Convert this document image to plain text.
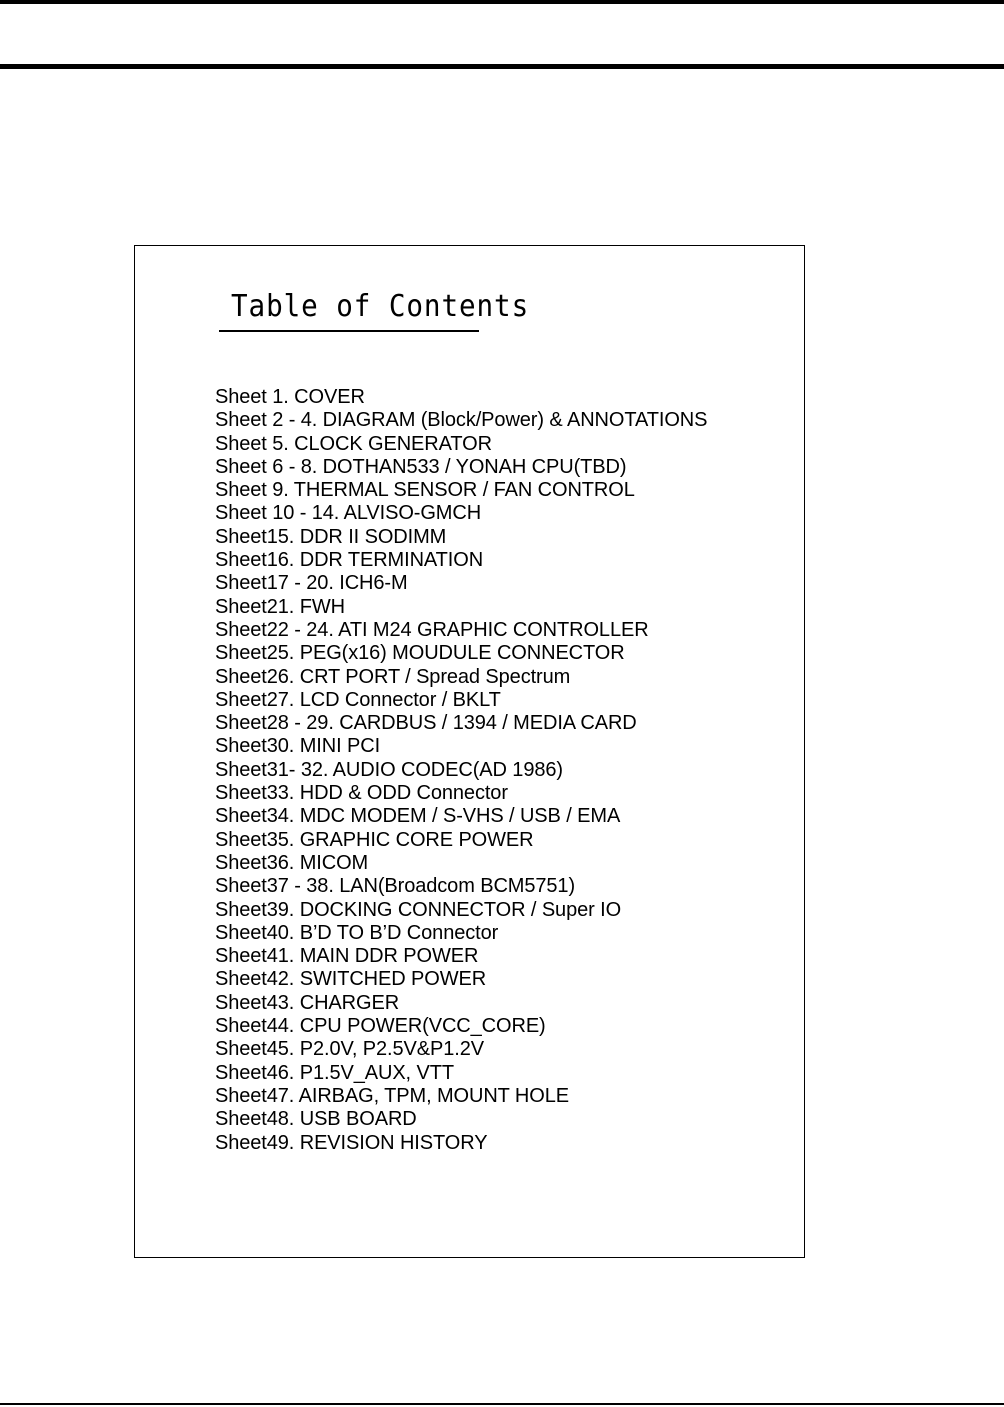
Table of Contents
Sheet 1. COVER
Sheet 2 - 4. DIAGRAM (Block/Power) & ANNOTATIONS
Sheet 5. CLOCK GENERATOR
Sheet 6 - 8. DOTHAN533 / YONAH CPU(TBD)
Sheet 9. THERMAL SENSOR / FAN CONTROL
Sheet 10 - 14. ALVISO-GMCH
Sheet15. DDR II SODIMM
Sheet16. DDR TERMINATION
Sheet17 - 20. ICH6-M
Sheet21. FWH
Sheet22 - 24. ATI M24 GRAPHIC CONTROLLER
Sheet25. PEG(x16) MOUDULE CONNECTOR
Sheet26. CRT PORT / Spread Spectrum
Sheet27. LCD Connector / BKLT
Sheet28 - 29. CARDBUS / 1394 / MEDIA CARD
Sheet30. MINI PCI
Sheet31- 32. AUDIO CODEC(AD 1986)
Sheet33. HDD & ODD Connector
Sheet34. MDC MODEM / S-VHS / USB / EMA
Sheet35. GRAPHIC CORE POWER
Sheet36. MICOM
Sheet37 - 38. LAN(Broadcom BCM5751)
Sheet39. DOCKING CONNECTOR / Super IO
Sheet40. B’D TO B’D Connector
Sheet41. MAIN DDR POWER
Sheet42. SWITCHED POWER
Sheet43. CHARGER
Sheet44. CPU POWER(VCC_CORE)
Sheet45. P2.0V, P2.5V&P1.2V
Sheet46. P1.5V_AUX, VTT
Sheet47. AIRBAG, TPM, MOUNT HOLE
Sheet48. USB BOARD
Sheet49. REVISION HISTORY
